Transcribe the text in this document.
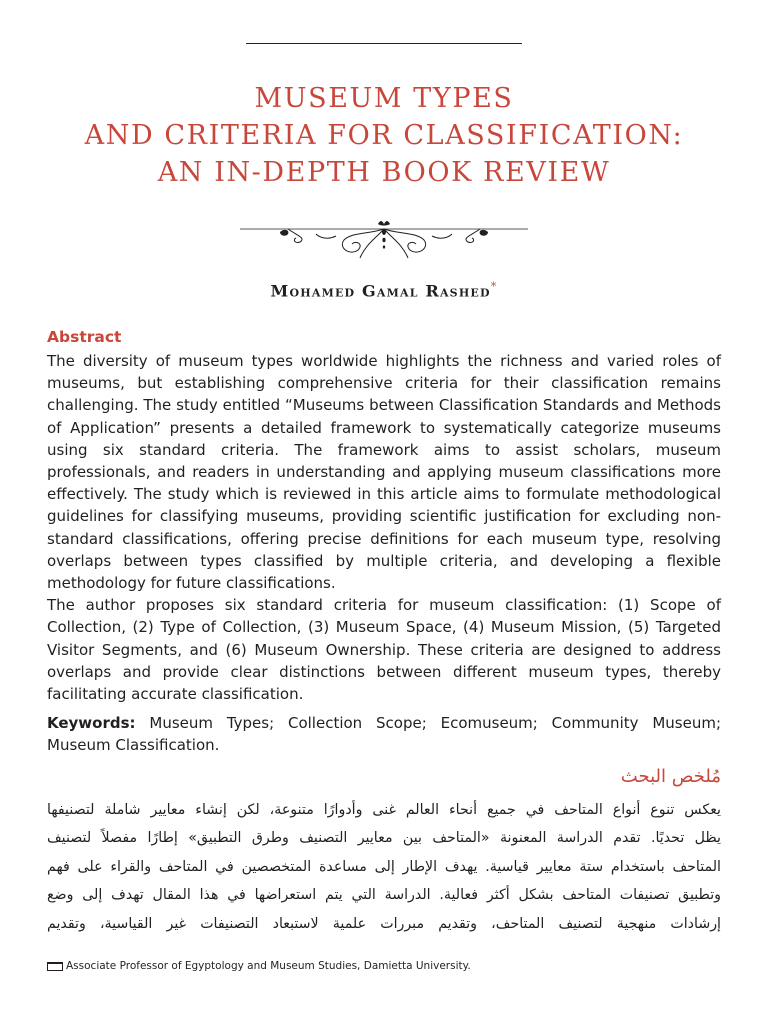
MUSEUM TYPES
AND CRITERIA FOR CLASSIFICATION:
AN IN-DEPTH BOOK REVIEW
Mohamed Gamal Rashed*
Abstract

The diversity of museum types worldwide highlights the richness and varied roles of museums, but establishing comprehensive criteria for their classification remains challenging. The study entitled “Museums between Classification Standards and Methods of Application” presents a detailed framework to systematically categorize museums using six standard criteria. The framework aims to assist scholars, museum professionals, and readers in understanding and applying museum classifications more effectively. The study which is reviewed in this article aims to formulate methodological guidelines for classifying museums, providing scientific justification for excluding non-standard classifications, offering precise definitions for each museum type, resolving overlaps between types classified by multiple criteria, and developing a flexible methodology for future classifications.

The author proposes six standard criteria for museum classification: (1) Scope of Collection, (2) Type of Collection, (3) Museum Space, (4) Museum Mission, (5) Targeted Visitor Segments, and (6) Museum Ownership. These criteria are designed to address overlaps and provide clear distinctions between different museum types, thereby facilitating accurate classification.

Keywords: Museum Types; Collection Scope; Ecomuseum; Community Museum; Museum Classification.
مُلخص البحث
يعكس تنوع أنواع المتاحف في جميع أنحاء العالم غنى وأدوارًا متنوعة، لكن إنشاء معايير شاملة لتصنيفها
يظل تحديًا. تقدم الدراسة المعنونة «المتاحف بين معايير التصنيف وطرق التطبيق» إطارًا مفصلاً لتصنيف
المتاحف باستخدام ستة معايير قياسية. يهدف الإطار إلى مساعدة المتخصصين في المتاحف والقراء على فهم
وتطبيق تصنيفات المتاحف بشكل أكثر فعالية. الدراسة التي يتم استعراضها في هذا المقال تهدف إلى وضع
إرشادات منهجية لتصنيف المتاحف، وتقديم مبررات علمية لاستبعاد التصنيفات غير القياسية، وتقديم
Associate Professor of Egyptology and Museum Studies, Damietta University.
